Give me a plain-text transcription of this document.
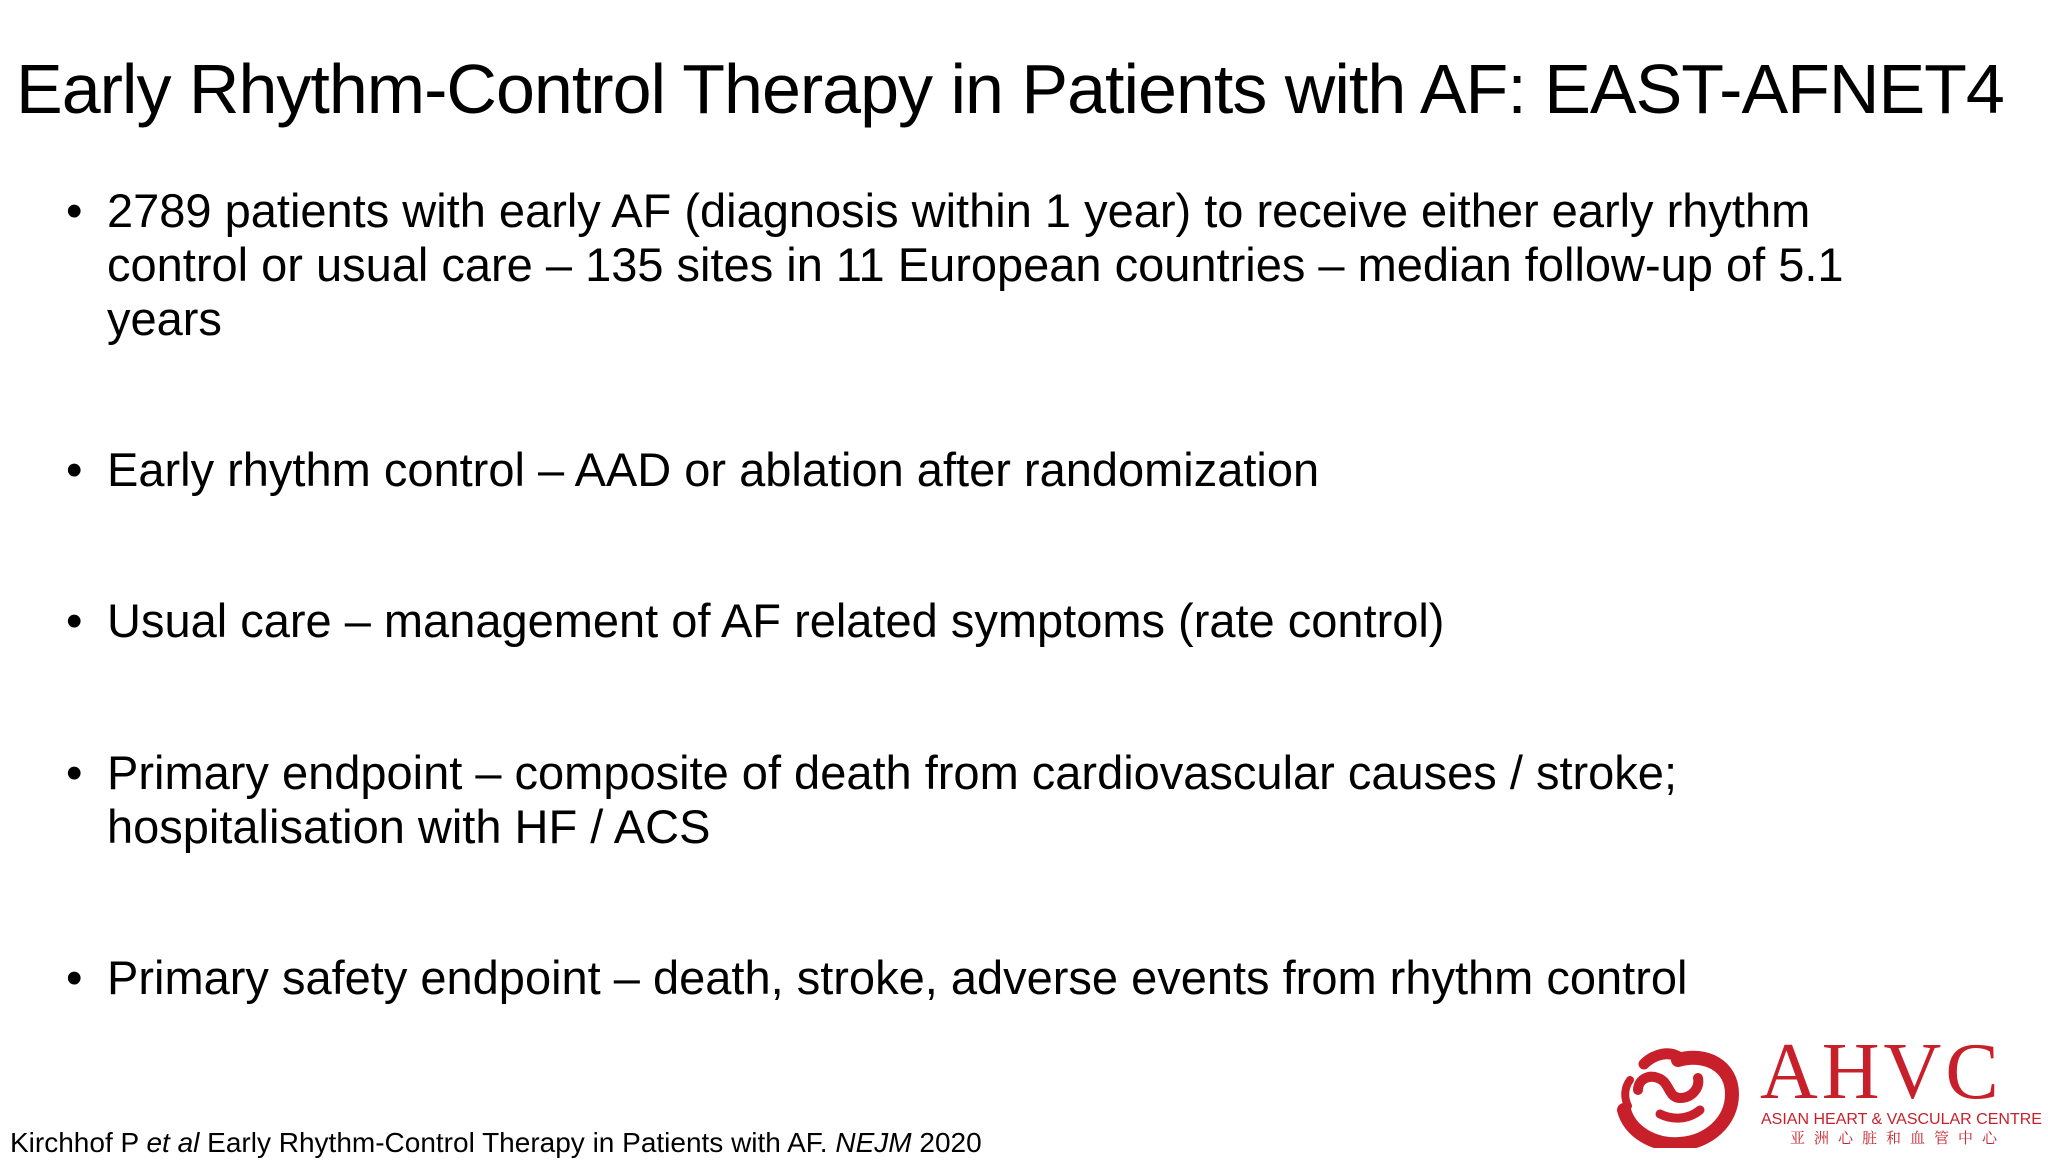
Early Rhythm-Control Therapy in Patients with AF: EAST-AFNET4
• 2789 patients with early AF (diagnosis within 1 year) to receive either early rhythm control or usual care – 135 sites in 11 European countries – median follow-up of 5.1 years
• Early rhythm control – AAD or ablation after randomization
• Usual care – management of AF related symptoms (rate control)
• Primary endpoint – composite of death from cardiovascular causes / stroke; hospitalisation with HF / ACS
• Primary safety endpoint – death, stroke, adverse events from rhythm control
Kirchhof P et al Early Rhythm-Control Therapy in Patients with AF. NEJM 2020
AHVC
ASIAN HEART & VASCULAR CENTRE
亚洲心脏和血管中心
